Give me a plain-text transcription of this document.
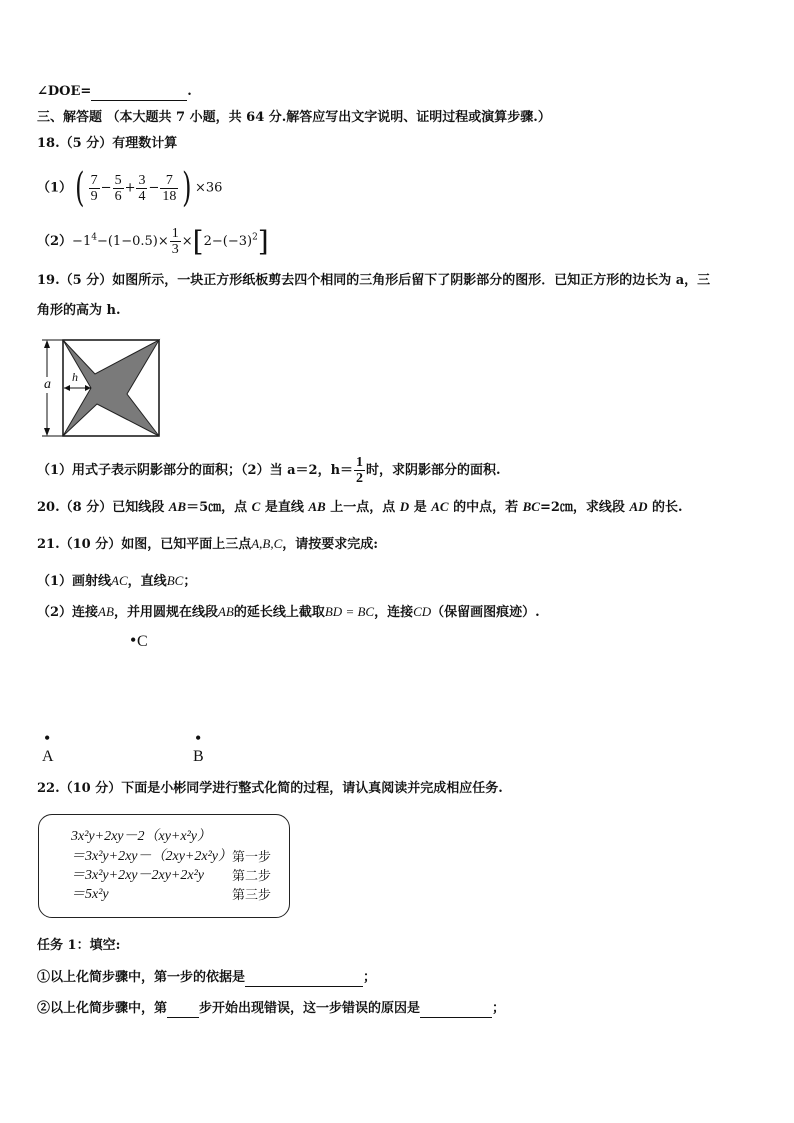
∠DOE=	.
三、解答题 （本大题共 7 小题，共 64 分.解答应写出文字说明、证明过程或演算步骤.）
18.（5 分）有理数计算
$(1)( \frac{7}{9} - \frac{5}{6} + \frac{3}{4} - \frac{7}{18}$ ) ×36
$(2)-1^4-(1-0.5)\times \frac{1}{3} \times[2-(-3)^2]$
19.（5 分）如图所示，一块正方形纸板剪去四个相同的三角形后留下了阴影部分的图形．已知正方形的边长为 a，三
角形的高为 h.
a h
（1）用式子表示阴影部分的面积；（2）当 a＝2，$h= \frac{1}{2}$ 时，求阴影部分的面积.
20.（8 分）已知线段 AB＝5㎝，点 C 是直线 AB 上一点，点 D 是 AC 的中点，若 BC=2㎝，求线段 AD 的长.
21.（10 分）如图，已知平面上三点A,B,C，请按要求完成:
（1）画射线AC，直线BC；
（2）连接AB，并用圆规在线段AB的延长线上截取BD = BC，连接CD（保留画图痕迹）.
• C
•
A
•
B
22.（10 分）下面是小彬同学进行整式化简的过程，请认真阅读并完成相应任务.
3x²y+2xy－2（xy+x²y）
＝3x²y+2xy－（2xy+2x²y） 第一步
＝3x²y+2xy－2xy+2x²y 第二步
＝5x²y	第三步
任务 1：填空:
①以上化简步骤中，第一步的依据是	；
②以上化简步骤中，第 步开始出现错误，这一步错误的原因是	；
